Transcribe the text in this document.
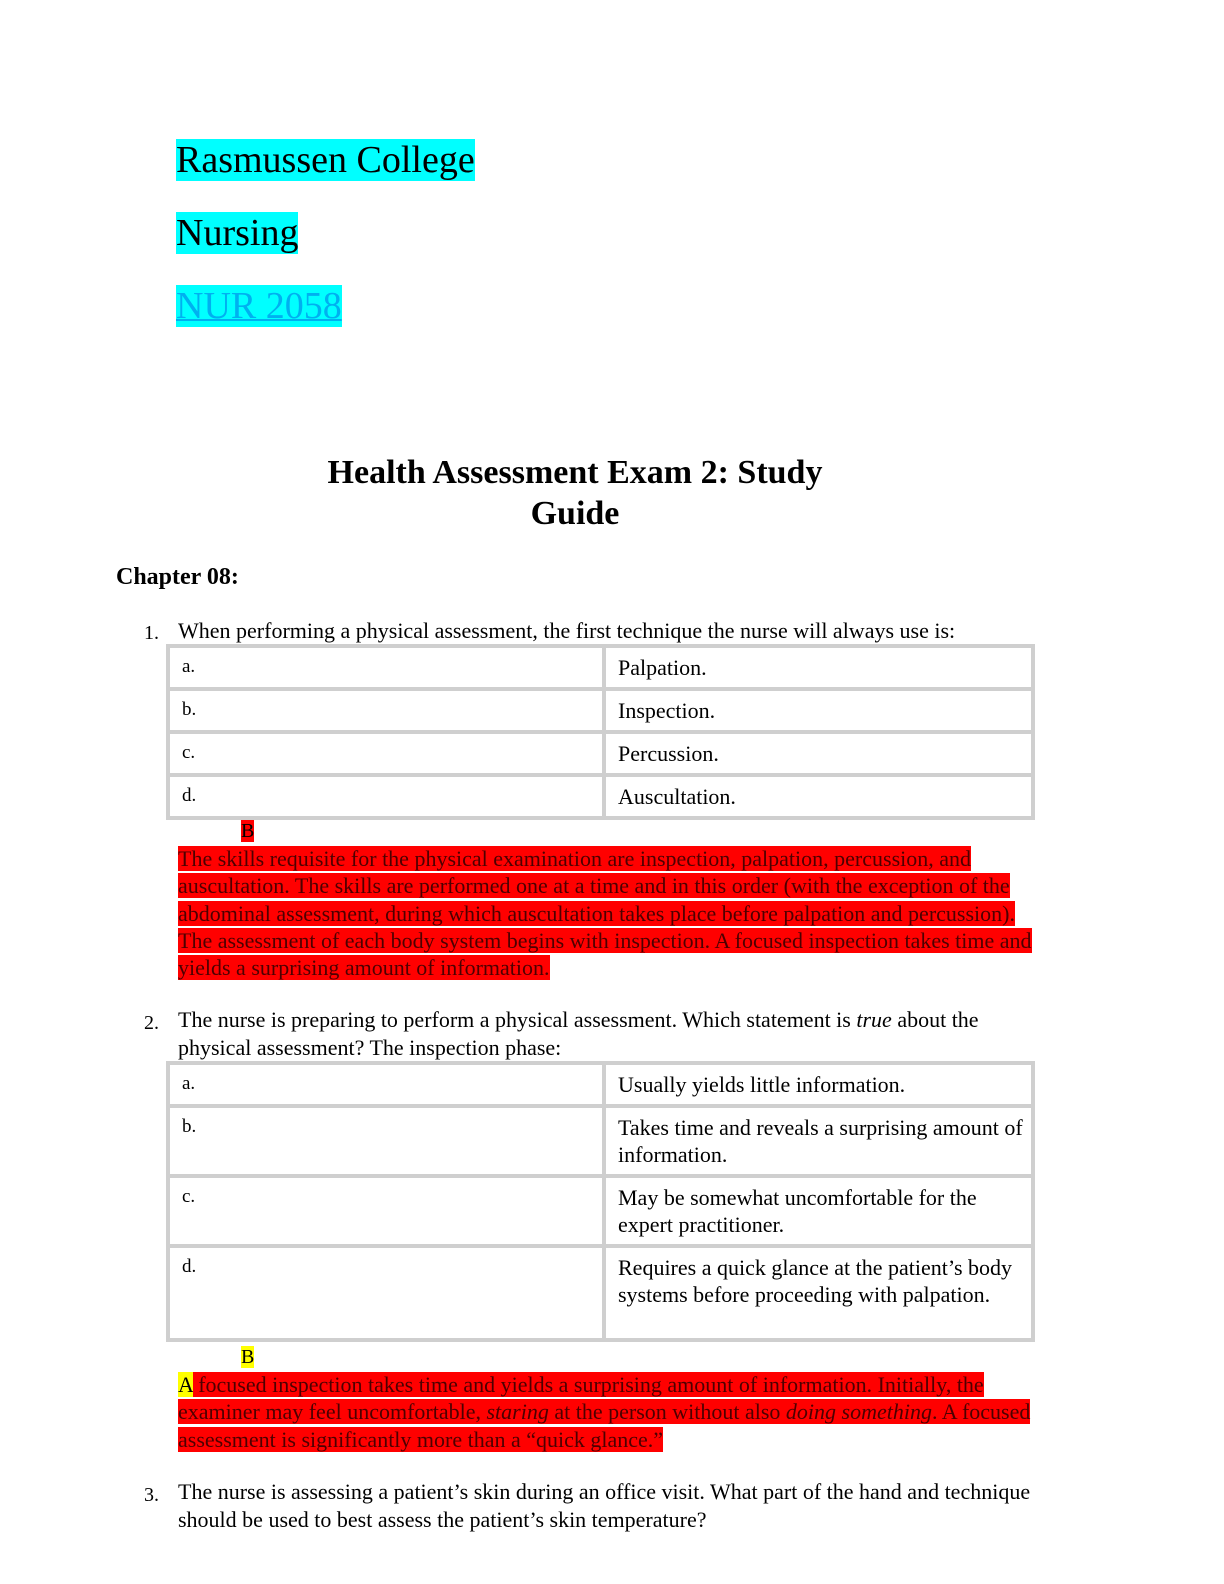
Rasmussen College
Nursing
NUR 2058
Health Assessment Exam 2: Study Guide
Chapter 08:
1. When performing a physical assessment, the first technique the nurse will always use is:
a.	Palpation.
b.	Inspection.
c.	Percussion.
d.	Auscultation.
B
The skills requisite for the physical examination are inspection, palpation, percussion, and auscultation. The skills are performed one at a time and in this order (with the exception of the abdominal assessment, during which auscultation takes place before palpation and percussion). The assessment of each body system begins with inspection. A focused inspection takes time and yields a surprising amount of information.
2. The nurse is preparing to perform a physical assessment. Which statement is true about the physical assessment? The inspection phase:
a.	Usually yields little information.
b.	Takes time and reveals a surprising amount of information.
c.	May be somewhat uncomfortable for the expert practitioner.
d.	Requires a quick glance at the patient’s body systems before proceeding with palpation.
B
A focused inspection takes time and yields a surprising amount of information. Initially, the examiner may feel uncomfortable, staring at the person without also doing something. A focused assessment is significantly more than a “quick glance.”
3. The nurse is assessing a patient’s skin during an office visit. What part of the hand and technique should be used to best assess the patient’s skin temperature?
